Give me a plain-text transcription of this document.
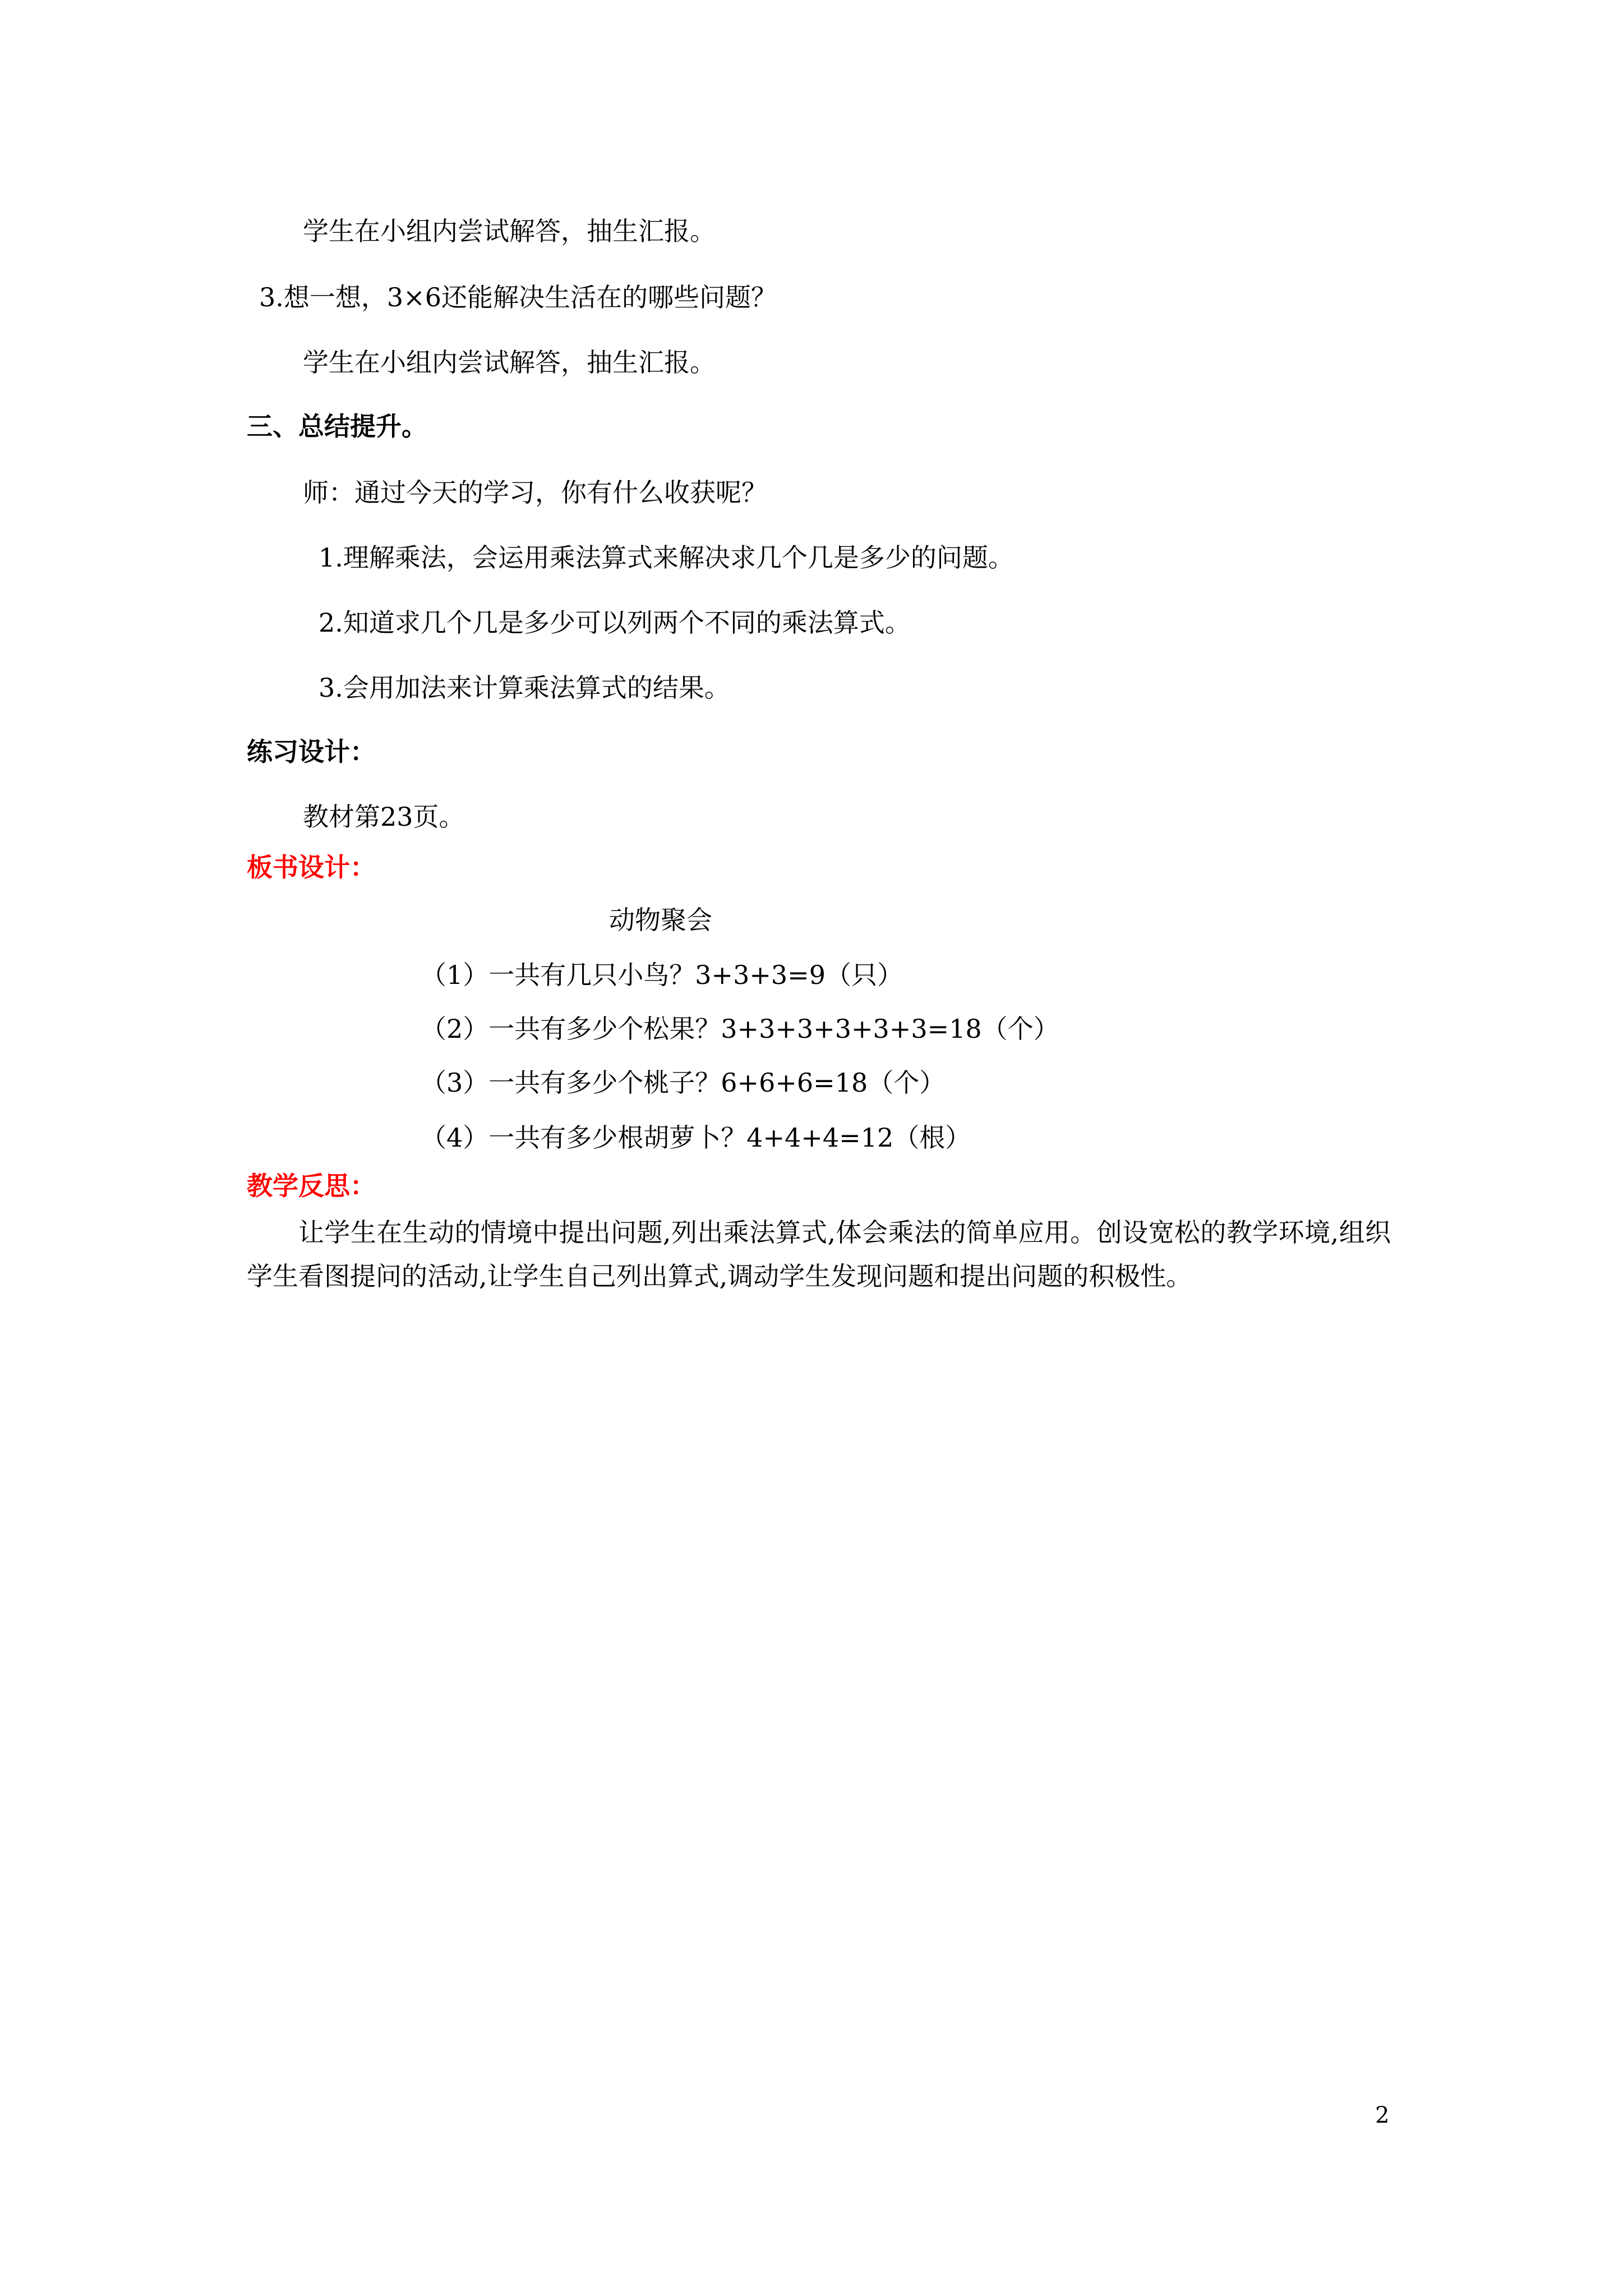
学生在小组内尝试解答，抽生汇报。
3.想一想，3×6还能解决生活在的哪些问题？
学生在小组内尝试解答，抽生汇报。
三、总结提升。
师：通过今天的学习，你有什么收获呢？
1.理解乘法，会运用乘法算式来解决求几个几是多少的问题。
2.知道求几个几是多少可以列两个不同的乘法算式。
3.会用加法来计算乘法算式的结果。
练习设计：
教材第23页。
板书设计：
动物聚会
（1）一共有几只小鸟？3+3+3=9（只）
（2）一共有多少个松果？3+3+3+3+3+3=18（个）
（3）一共有多少个桃子？6+6+6=18（个）
（4）一共有多少根胡萝卜？4+4+4=12（根）
教学反思：
让学生在生动的情境中提出问题,列出乘法算式,体会乘法的简单应用。创设宽松的教学环境,组织学生看图提问的活动,让学生自己列出算式,调动学生发现问题和提出问题的积极性。
2
